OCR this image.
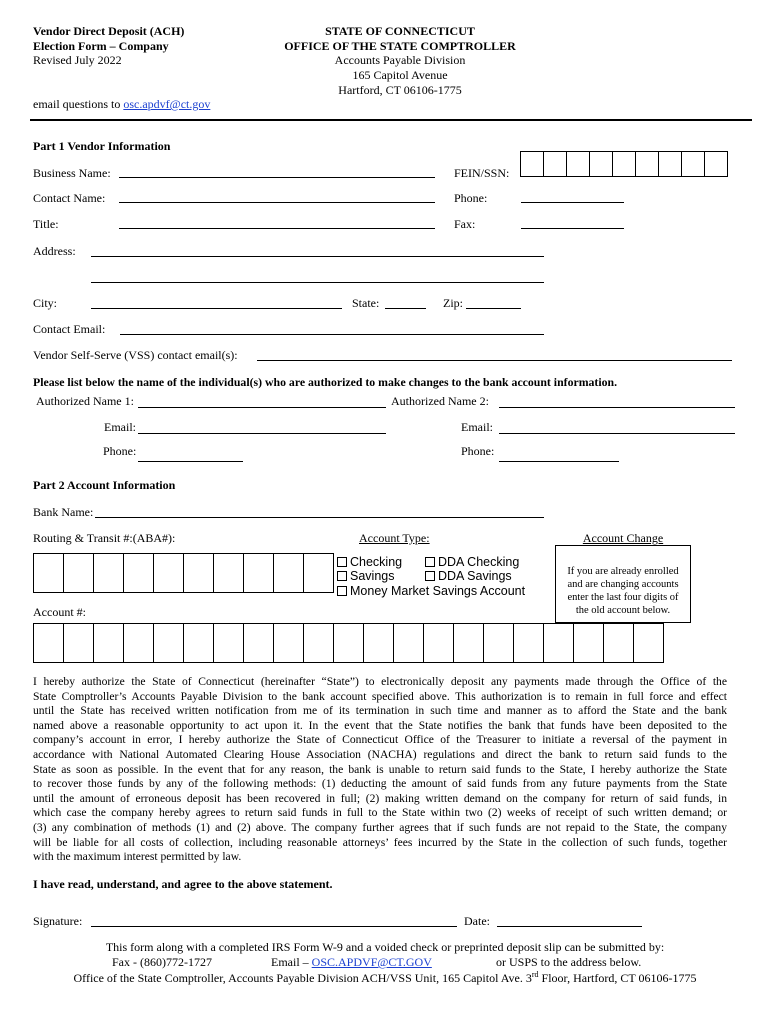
Vendor Direct Deposit (ACH)
Election Form – Company
Revised July 2022
STATE OF CONNECTICUT
OFFICE OF THE STATE COMPTROLLER
Accounts Payable Division
165 Capitol Avenue
Hartford, CT 06106-1775
email questions to osc.apdvf@ct.gov
Part 1 Vendor Information
Business Name:	FEIN/SSN:
Contact Name:	Phone:
Title:	Fax:
Address:
City:	State:	Zip:
Contact Email:
Vendor Self-Serve (VSS) contact email(s):
Please list below the name of the individual(s) who are authorized to make changes to the bank account information.
Authorized Name 1:	Authorized Name 2:
Email:	Email:
Phone:	Phone:
Part 2 Account Information
Bank Name:
Routing & Transit #:(ABA#):	Account Type:
Checking	DDA Checking
Savings	DDA Savings
Money Market Savings Account
Account Change
If you are already enrolled
and are changing accounts
enter the last four digits of
the old account below.
Account #:
I hereby authorize the State of Connecticut (hereinafter “State”) to electronically deposit any payments made through the Office of the
State Comptroller’s Accounts Payable Division to the bank account specified above. This authorization is to remain in full force and effect
until the State has received written notification from me of its termination in such time and manner as to afford the State and the bank
named above a reasonable opportunity to act upon it. In the event that the State notifies the bank that funds have been deposited to the
company’s account in error, I hereby authorize the State of Connecticut Office of the Treasurer to initiate a reversal of the payment in
accordance with National Automated Clearing House Association (NACHA) regulations and direct the bank to return said funds to the
State as soon as possible. In the event that for any reason, the bank is unable to return said funds to the State, I hereby authorize the State
to recover those funds by any of the following methods: (1) deducting the amount of said funds from any future payments from the State
until the amount of erroneous deposit has been recovered in full; (2) making written demand on the company for return of said funds, in
which case the company hereby agrees to return said funds in full to the State within two (2) weeks of receipt of such written demand; or
(3) any combination of methods (1) and (2) above. The company further agrees that if such funds are not repaid to the State, the company
will be liable for all costs of collection, including reasonable attorneys’ fees incurred by the State in the collection of such funds, together
with the maximum interest permitted by law.
I have read, understand, and agree to the above statement.
Signature:	Date:
This form along with a completed IRS Form W-9 and a voided check or preprinted deposit slip can be submitted by:
Fax - (860)772-1727	Email – OSC.APDVF@CT.GOV	or USPS to the address below.
Office of the State Comptroller, Accounts Payable Division ACH/VSS Unit, 165 Capitol Ave. 3rd Floor, Hartford, CT 06106-1775
